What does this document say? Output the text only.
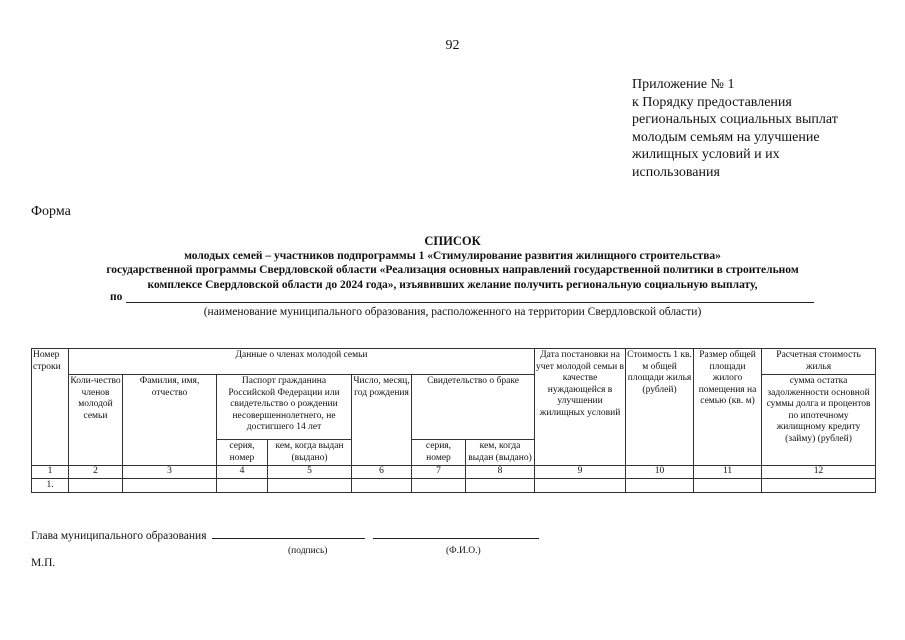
92
Приложение № 1
к Порядку предоставления
региональных социальных выплат
молодым семьям на улучшение
жилищных условий и их
использования
Форма
СПИСОК
молодых семей – участников подпрограммы 1 «Стимулирование развития жилищного строительства»
государственной программы Свердловской области «Реализация основных направлений государственной политики в строительном
комплексе Свердловской области до 2024 года», изъявивших желание получить региональную социальную выплату,
по
(наименование муниципального образования, расположенного на территории Свердловской области)
Номер строки	Данные о членах молодой семьи							Дата постановки на учет молодой семьи в качестве нуждающейся в улучшении жилищных условий	Стоимость 1 кв. м общей площади жилья (рублей)	Размер общей площади жилого помещения на семью (кв. м)	Расчетная стоимость жилья
	Коли-чество членов молодой семьи	Фамилия, имя, отчество	Паспорт гражданина Российской Федерации или свидетельство о рождении несовершеннолетнего, не достигшего 14 лет		Число, месяц, год рождения	Свидетельство о браке					сумма остатка задолженности основной суммы долга и процентов по ипотечному жилищному кредиту (займу) (рублей)
			серия, номер	кем, когда выдан (выдано)		серия, номер	кем, когда выдан (выдано)				
1	2	3	4	5	6	7	8	9	10	11	12
1.											
Глава муниципального образования
(подпись)	(Ф.И.О.)
М.П.
